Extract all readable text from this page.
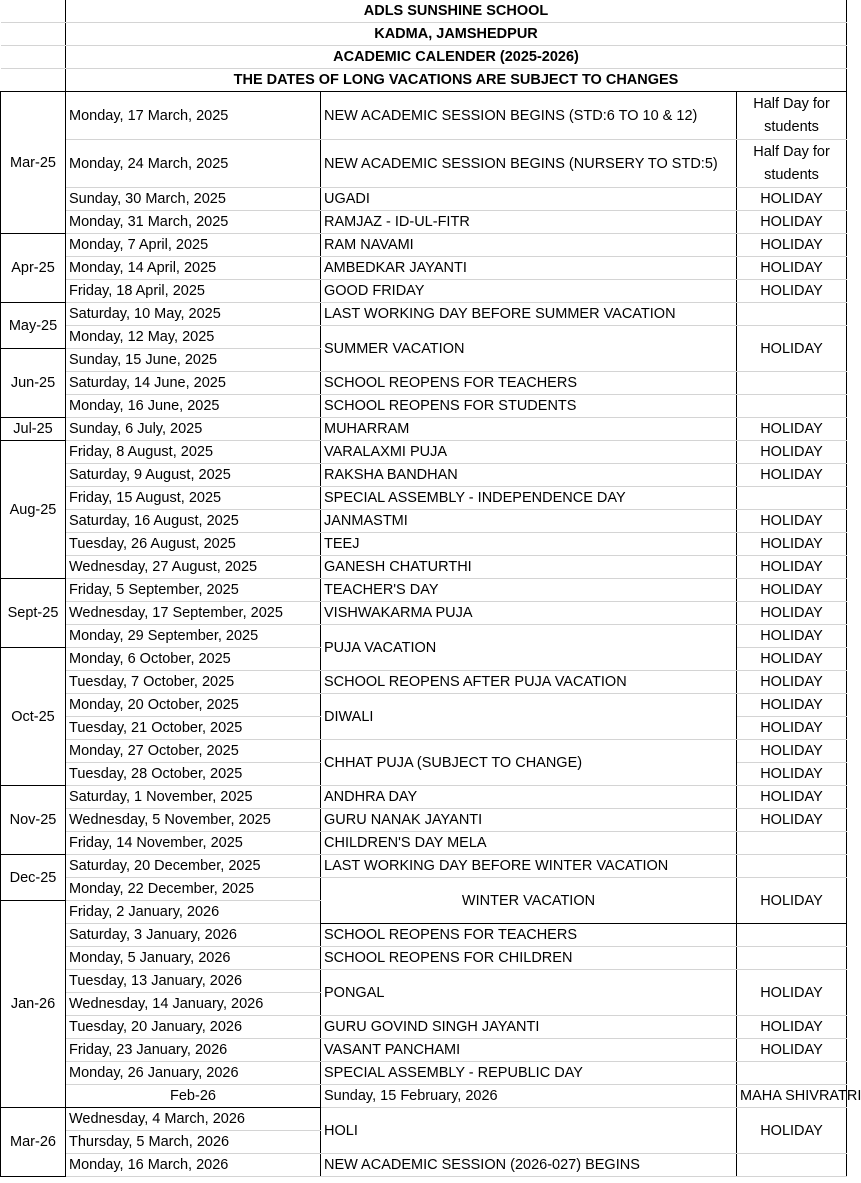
	ADLS SUNSHINE SCHOOL			
	KADMA, JAMSHEDPUR			
	ACADEMIC CALENDER (2025-2026)			
	THE DATES OF LONG VACATIONS ARE SUBJECT TO CHANGES			
Mar-25	Monday, 17 March, 2025	NEW ACADEMIC SESSION BEGINS (STD:6 TO 10 & 12)	Half Day for students	
	Monday, 24 March, 2025	NEW ACADEMIC SESSION BEGINS (NURSERY TO STD:5)	Half Day for students	
	Sunday, 30 March, 2025	UGADI	HOLIDAY	
	Monday, 31 March, 2025	RAMJAZ - ID-UL-FITR	HOLIDAY	
Apr-25	Monday, 7 April, 2025	RAM NAVAMI	HOLIDAY	
	Monday, 14 April, 2025	AMBEDKAR JAYANTI	HOLIDAY	
	Friday, 18 April, 2025	GOOD FRIDAY	HOLIDAY	
May-25	Saturday, 10 May, 2025	LAST WORKING DAY BEFORE SUMMER VACATION		
	Monday, 12 May, 2025	SUMMER VACATION	HOLIDAY	
Jun-25	Sunday, 15 June, 2025			
	Saturday, 14 June, 2025	SCHOOL REOPENS FOR TEACHERS		
	Monday, 16 June, 2025	SCHOOL REOPENS FOR STUDENTS		
Jul-25	Sunday, 6 July, 2025	MUHARRAM	HOLIDAY	
Aug-25	Friday, 8 August, 2025	VARALAXMI PUJA	HOLIDAY	
	Saturday, 9 August, 2025	RAKSHA BANDHAN	HOLIDAY	
	Friday, 15 August, 2025	SPECIAL ASSEMBLY - INDEPENDENCE DAY		
	Saturday, 16 August, 2025	JANMASTMI	HOLIDAY	
	Tuesday, 26 August, 2025	TEEJ	HOLIDAY	
	Wednesday, 27 August, 2025	GANESH CHATURTHI	HOLIDAY	
Sept-25	Friday, 5 September, 2025	TEACHER'S DAY	HOLIDAY	
	Wednesday, 17 September, 2025	VISHWAKARMA PUJA	HOLIDAY	
	Monday, 29 September, 2025	PUJA VACATION	HOLIDAY	
Oct-25	Monday, 6 October, 2025		HOLIDAY	
	Tuesday, 7 October, 2025	SCHOOL REOPENS AFTER PUJA VACATION	HOLIDAY	
	Monday, 20 October, 2025	DIWALI	HOLIDAY	
	Tuesday, 21 October, 2025		HOLIDAY	
	Monday, 27 October, 2025	CHHAT PUJA (SUBJECT TO CHANGE)	HOLIDAY	
	Tuesday, 28 October, 2025		HOLIDAY	
Nov-25	Saturday, 1 November, 2025	ANDHRA DAY	HOLIDAY	
	Wednesday, 5 November, 2025	GURU NANAK JAYANTI	HOLIDAY	
	Friday, 14 November, 2025	CHILDREN'S DAY MELA		
Dec-25	Saturday, 20 December, 2025	LAST WORKING DAY BEFORE WINTER VACATION		
	Monday, 22 December, 2025	WINTER VACATION	HOLIDAY	
Jan-26	Friday, 2 January, 2026			
	Saturday, 3 January, 2026	SCHOOL REOPENS FOR TEACHERS		
	Monday, 5 January, 2026	SCHOOL REOPENS FOR CHILDREN		
	Tuesday, 13 January, 2026	PONGAL	HOLIDAY	
	Wednesday, 14 January, 2026			
	Tuesday, 20 January, 2026	GURU GOVIND SINGH JAYANTI	HOLIDAY	
	Friday, 23 January, 2026	VASANT PANCHAMI	HOLIDAY	
	Monday, 26 January, 2026	SPECIAL ASSEMBLY - REPUBLIC DAY		
	Feb-26	Sunday, 15 February, 2026	MAHA SHIVRATRI	
Mar-26	Wednesday, 4 March, 2026	HOLI	HOLIDAY	
	Thursday, 5 March, 2026			
	Monday, 16 March, 2026	NEW ACADEMIC SESSION (2026-027) BEGINS		
